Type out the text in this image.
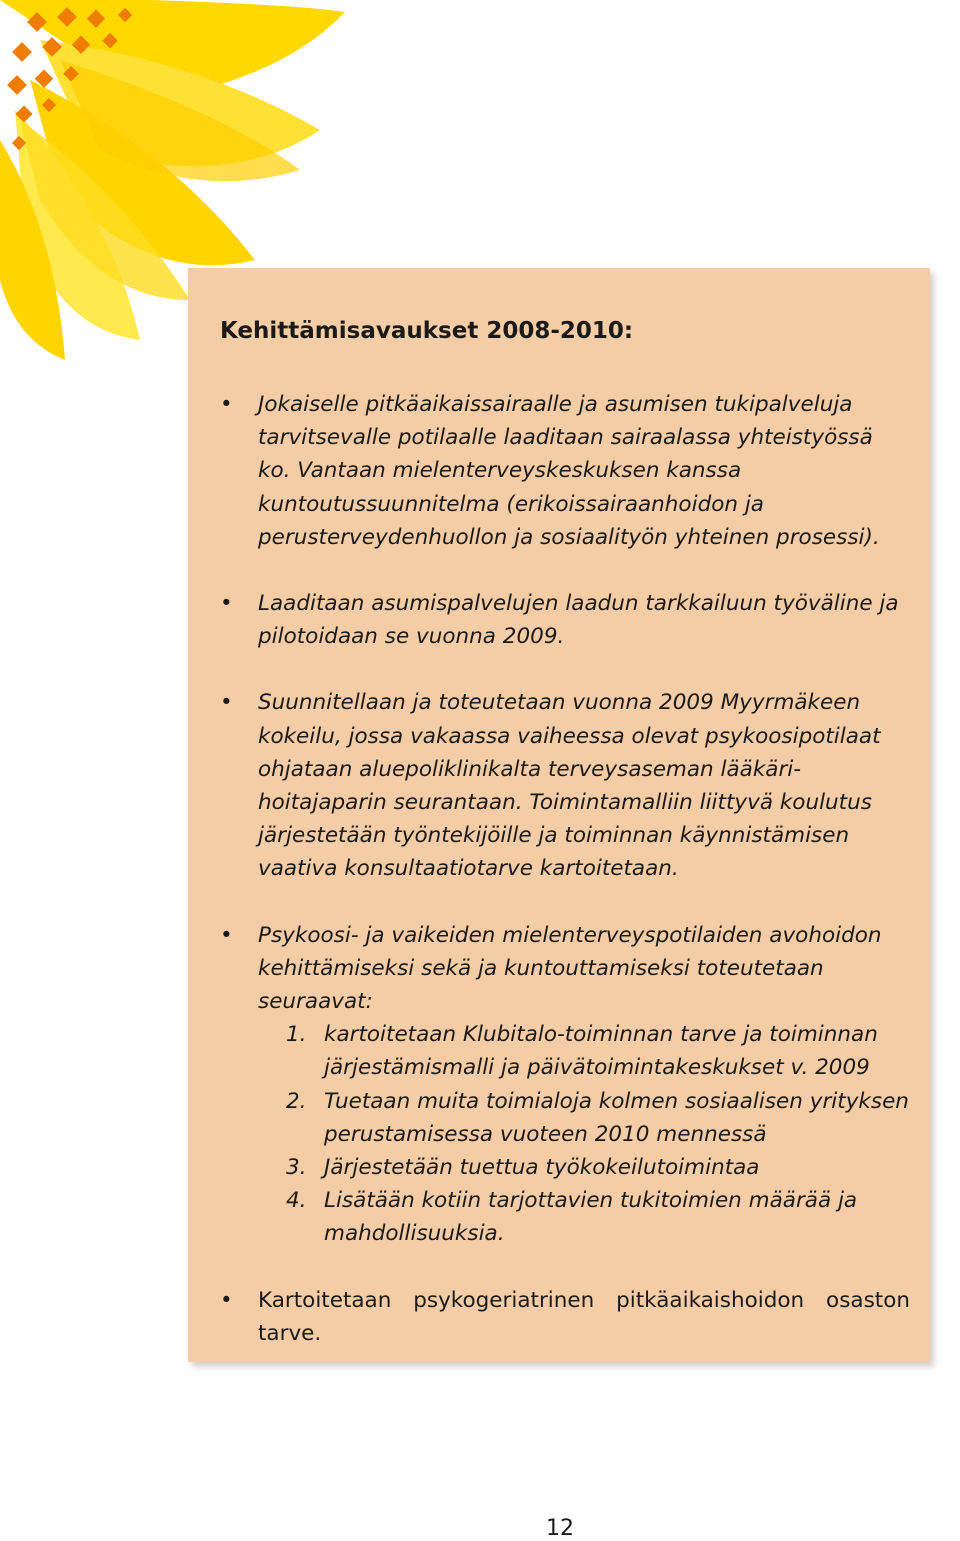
Kehittämisavaukset 2008-2010:
• Jokaiselle pitkäaikaissairaalle ja asumisen tukipalveluja tarvitsevalle potilaalle laaditaan sairaalassa yhteistyössä ko. Vantaan mielenterveyskeskuksen kanssa kuntoutussuunnitelma (erikoissairaanhoidon ja perusterveydenhuollon ja sosiaalityön yhteinen prosessi).
• Laaditaan asumispalvelujen laadun tarkkailuun työväline ja pilotoidaan se vuonna 2009.
• Suunnitellaan ja toteutetaan vuonna 2009 Myyrmäkeen kokeilu, jossa vakaassa vaiheessa olevat psykoosipotilaat ohjataan aluepoliklinikalta terveysaseman lääkäri-hoitajaparin seurantaan. Toimintamalliin liittyvä koulutus järjestetään työntekijöille ja toiminnan käynnistämisen vaativa konsultaatiotarve kartoitetaan.
• Psykoosi- ja vaikeiden mielenterveyspotilaiden avohoidon kehittämiseksi sekä ja kuntouttamiseksi toteutetaan seuraavat:
1. kartoitetaan Klubitalo-toiminnan tarve ja toiminnan järjestämismalli ja päivätoimintakeskukset v. 2009
2. Tuetaan muita toimialoja kolmen sosiaalisen yrityksen perustamisessa vuoteen 2010 mennessä
3. Järjestetään tuettua työkokeilutoimintaa
4. Lisätään kotiin tarjottavien tukitoimien määrää ja mahdollisuuksia.
• Kartoitetaan psykogeriatrinen pitkäaikaishoidon osaston tarve.
12
